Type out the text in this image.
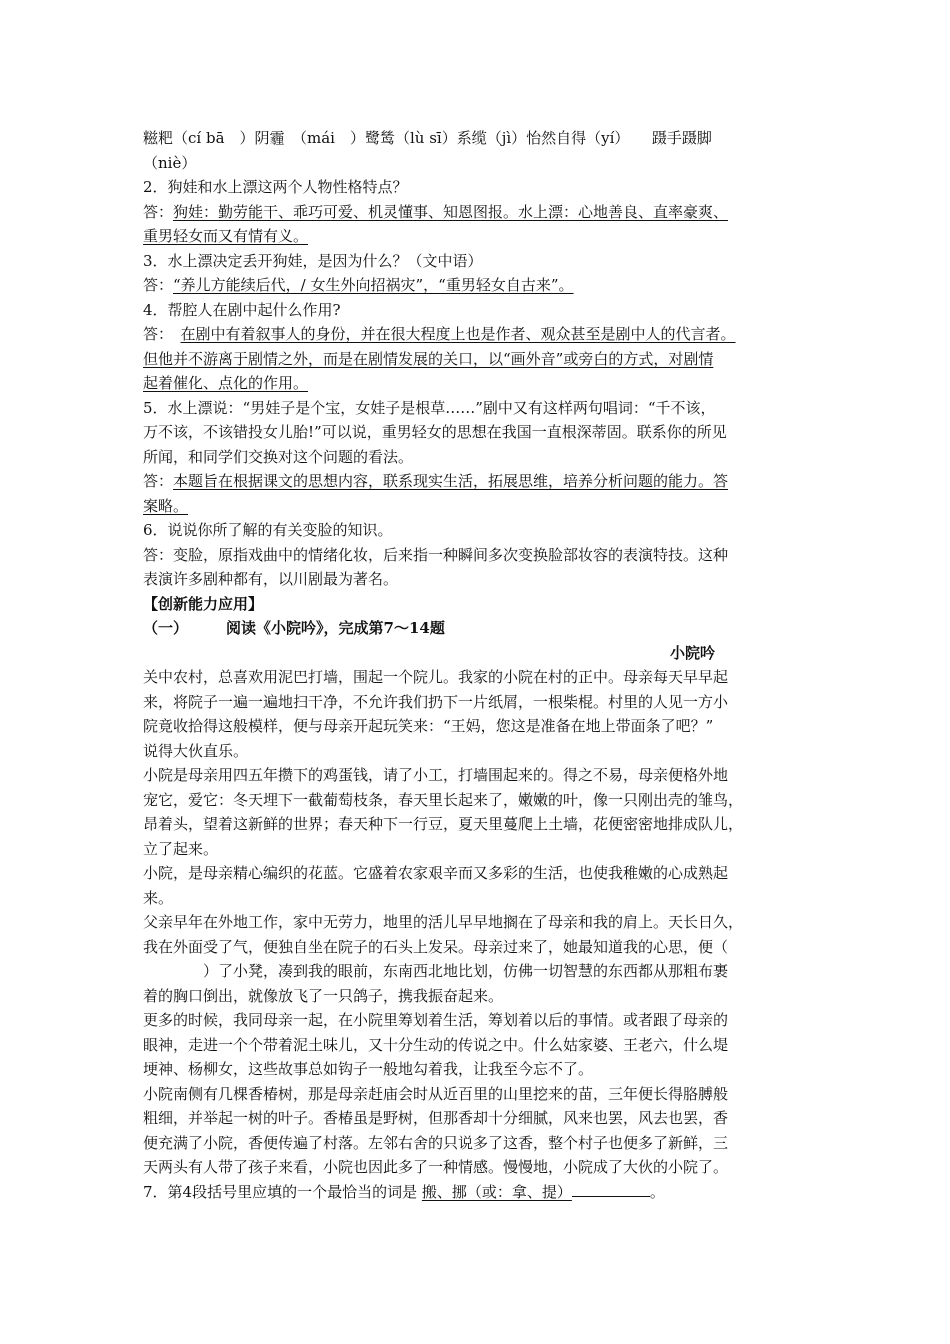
糍粑（cí bā　）阴霾　（mái　）鹭鸶（lù sī）系缆（jì）怡然自得（yí）　　蹑手蹑脚
（niè）
2．狗娃和水上漂这两个人物性格特点？
答：狗娃：勤劳能干、乖巧可爱、机灵懂事、知恩图报。水上漂：心地善良、直率豪爽、
重男轻女而又有情有义。
3．水上漂决定丢开狗娃，是因为什么？（文中语）
答：“养儿方能续后代，/ 女生外向招祸灾”，“重男轻女自古来”。
4．帮腔人在剧中起什么作用?
答：　 在剧中有着叙事人的身份，并在很大程度上也是作者、观众甚至是剧中人的代言者。
但他并不游离于剧情之外，而是在剧情发展的关口，以“画外音”或旁白的方式，对剧情
起着催化、点化的作用。
5．水上漂说：“男娃子是个宝，女娃子是根草……”剧中又有这样两句唱词：“千不该，
万不该，不该错投女儿胎!”可以说，重男轻女的思想在我国一直根深蒂固。联系你的所见
所闻，和同学们交换对这个问题的看法。
答：本题旨在根据课文的思想内容，联系现实生活，拓展思维，培养分析问题的能力。答
案略。
6．说说你所了解的有关变脸的知识。
答：变脸，原指戏曲中的情绪化妆，后来指一种瞬间多次变换脸部妆容的表演特技。这种
表演许多剧种都有，以川剧最为著名。
【创新能力应用】
（一）	阅读《小院吟》，完成第7～14题
小院吟
关中农村，总喜欢用泥巴打墙，围起一个院儿。我家的小院在村的正中。母亲每天早早起
来，将院子一遍一遍地扫干净，不允许我们扔下一片纸屑，一根柴棍。村里的人见一方小
院竟收拾得这般模样，便与母亲开起玩笑来：“王妈，您这是准备在地上带面条了吧？”
说得大伙直乐。
小院是母亲用四五年攒下的鸡蛋钱，请了小工，打墙围起来的。得之不易，母亲便格外地
宠它，爱它：冬天埋下一截葡萄枝条，春天里长起来了，嫩嫩的叶，像一只刚出壳的雏鸟，
昂着头，望着这新鲜的世界；春天种下一行豆，夏天里蔓爬上土墙，花便密密地排成队儿，
立了起来。
小院，是母亲精心编织的花蓝。它盛着农家艰辛而又多彩的生活，也使我稚嫩的心成熟起
来。
父亲早年在外地工作，家中无劳力，地里的活儿早早地搁在了母亲和我的肩上。天长日久，
我在外面受了气，便独自坐在院子的石头上发呆。母亲过来了，她最知道我的心思，便（
）了小凳，凑到我的眼前，东南西北地比划，仿佛一切智慧的东西都从那粗布裹
着的胸口倒出，就像放飞了一只鸽子，携我振奋起来。
更多的时候，我同母亲一起，在小院里筹划着生活，筹划着以后的事情。或者跟了母亲的
眼神，走进一个个带着泥土味儿，又十分生动的传说之中。什么姑家婆、王老六，什么堤
埂神、杨柳女，这些故事总如钩子一般地勾着我，让我至今忘不了。
小院南侧有几棵香椿树，那是母亲赶庙会时从近百里的山里挖来的苗，三年便长得胳膊般
粗细，并举起一树的叶子。香椿虽是野树，但那香却十分细腻，风来也罢，风去也罢，香
便充满了小院，香便传遍了村落。左邻右舍的只说多了这香，整个村子也便多了新鲜，三
天两头有人带了孩子来看，小院也因此多了一种情感。慢慢地，小院成了大伙的小院了。
7．第4段括号里应填的一个最恰当的词是 搬、挪（或：拿、提）	。
